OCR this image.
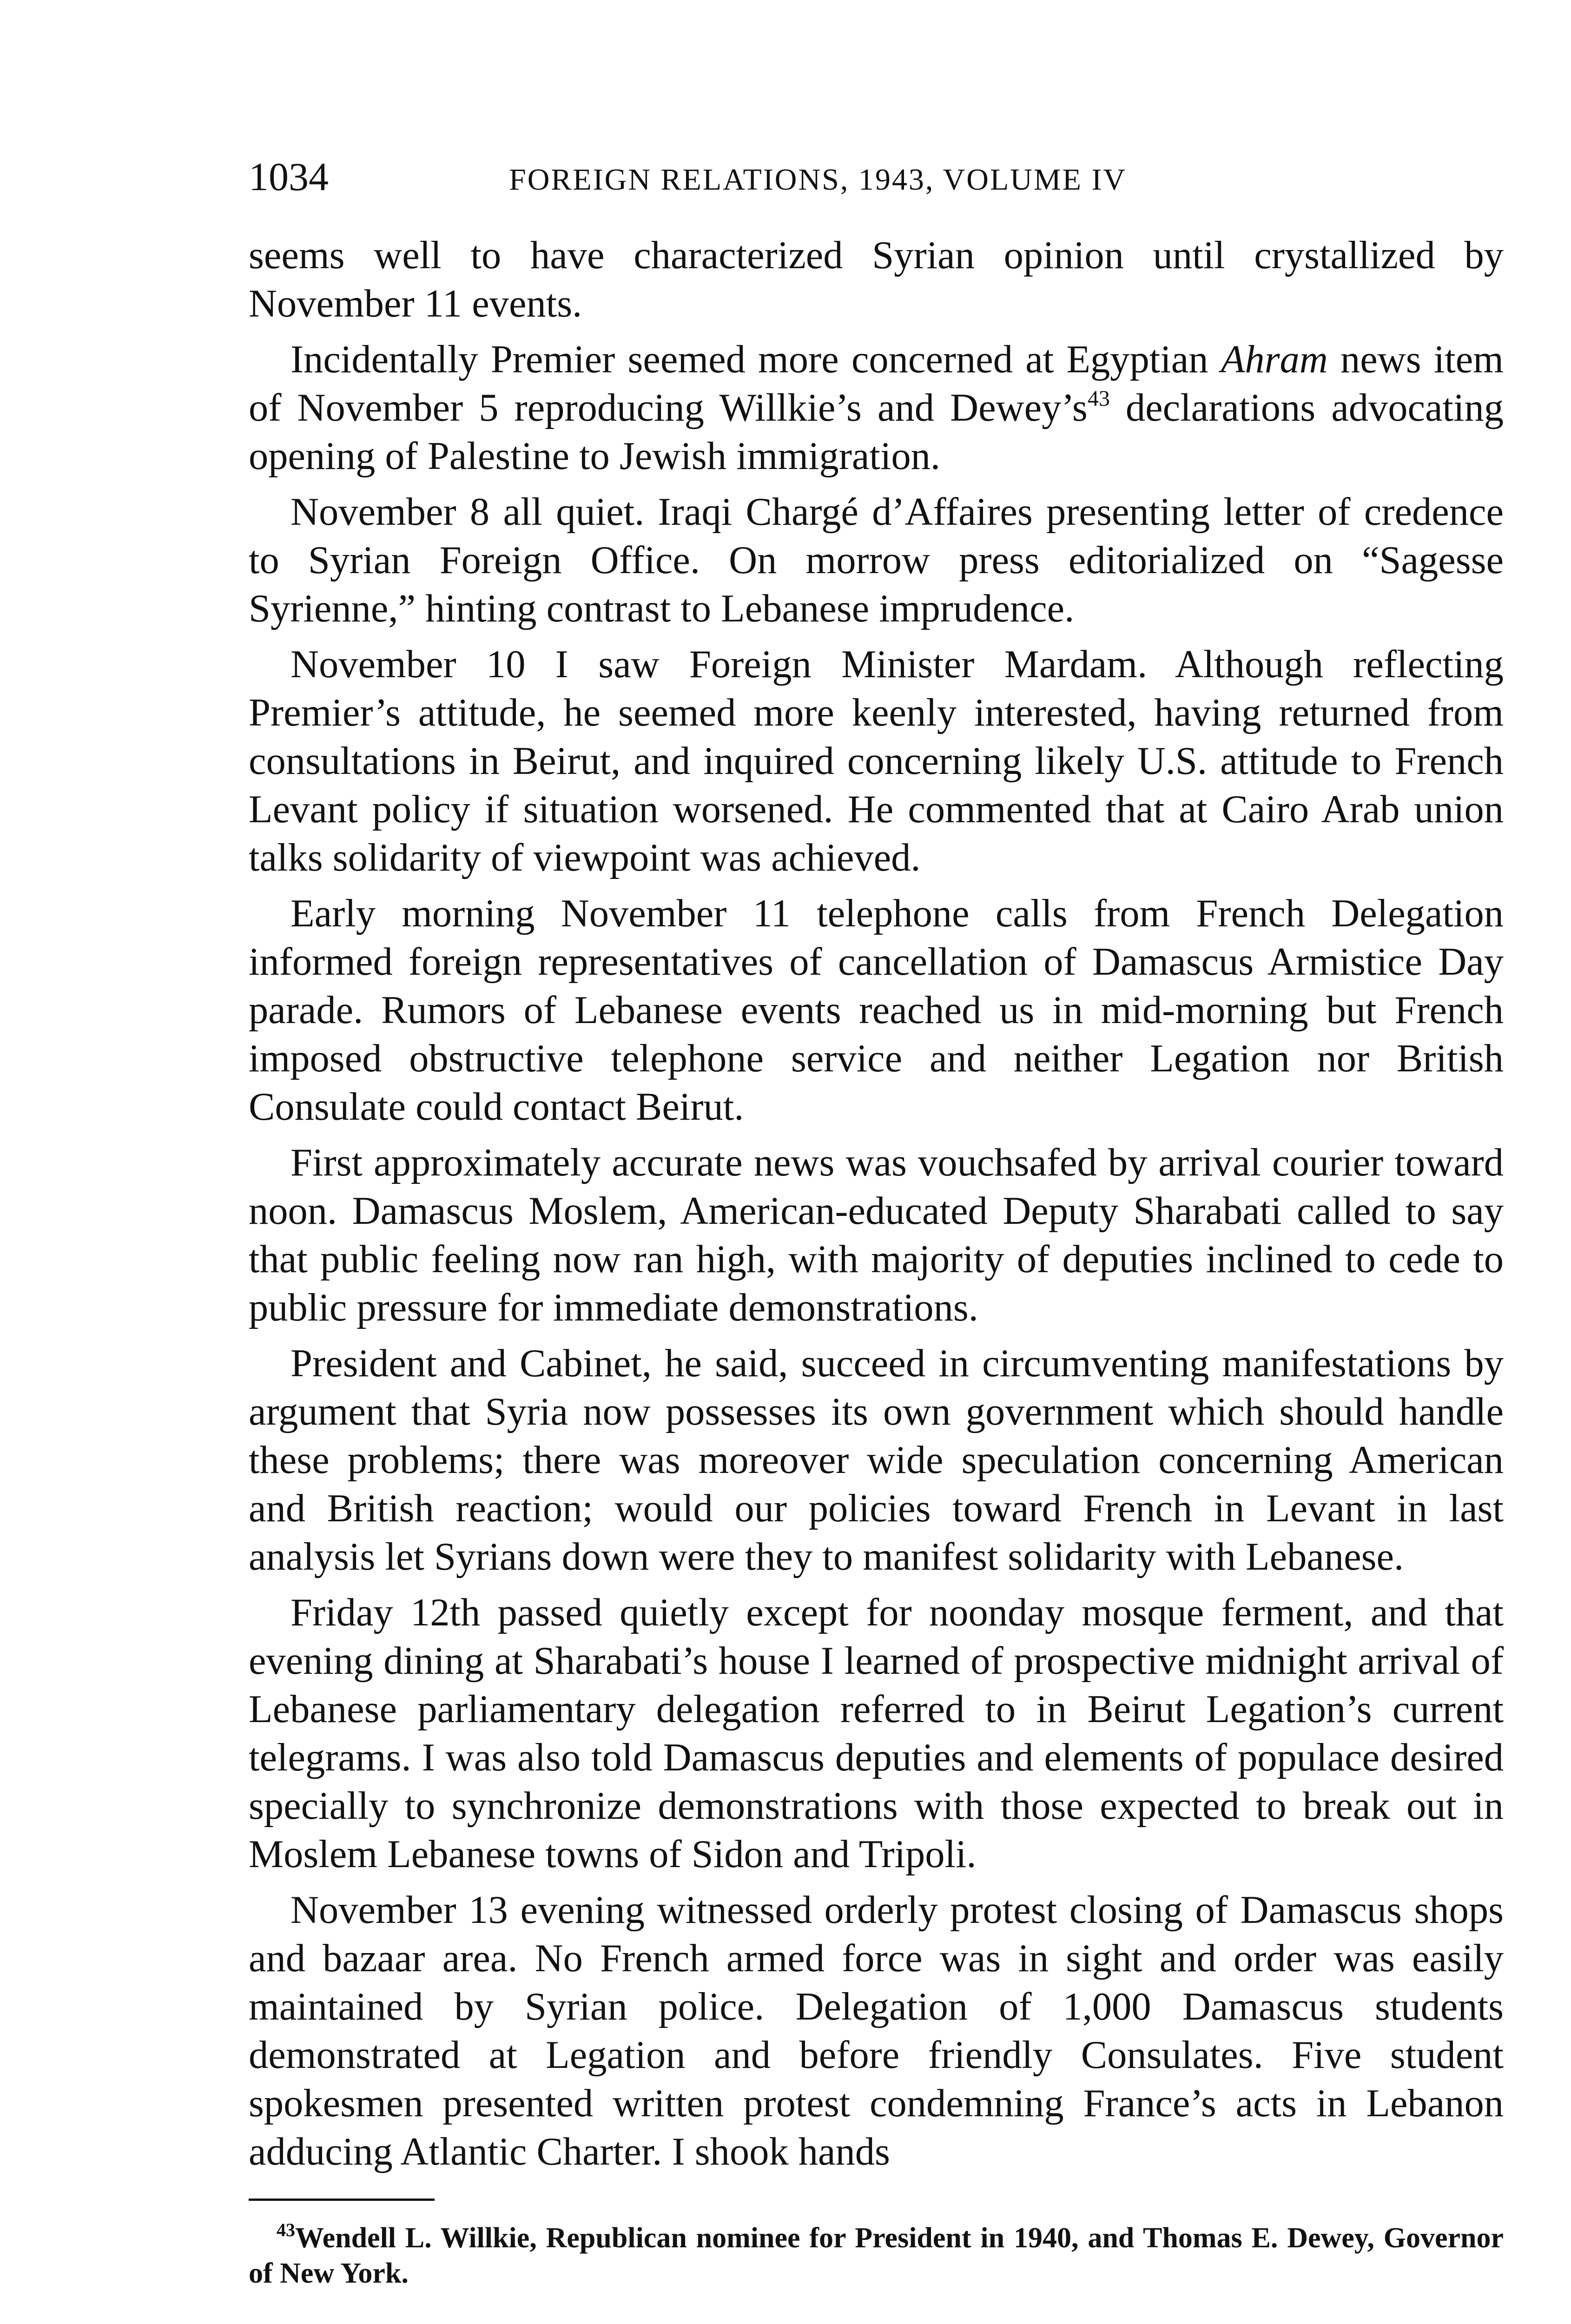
1034	FOREIGN RELATIONS, 1943, VOLUME IV

seems well to have characterized Syrian opinion until crystallized by November 11 events.

Incidentally Premier seemed more concerned at Egyptian Ahram news item of November 5 reproducing Willkie’s and $Dewey’s^{43}$ declarations advocating opening of Palestine to Jewish immigration.

November 8 all quiet. Iraqi Chargé d’Affaires presenting letter of credence to Syrian Foreign Office. On morrow press editorialized on “Sagesse Syrienne,” hinting contrast to Lebanese imprudence.

November 10 I saw Foreign Minister Mardam. Although reflecting Premier’s attitude, he seemed more keenly interested, having returned from consultations in Beirut, and inquired concerning likely U.S. attitude to French Levant policy if situation worsened. He commented that at Cairo Arab union talks solidarity of viewpoint was achieved.

Early morning November 11 telephone calls from French Delegation informed foreign representatives of cancellation of Damascus Armistice Day parade. Rumors of Lebanese events reached us in mid-morning but French imposed obstructive telephone service and neither Legation nor British Consulate could contact Beirut.

First approximately accurate news was vouchsafed by arrival courier toward noon. Damascus Moslem, American-educated Deputy Sharabati called to say that public feeling now ran high, with majority of deputies inclined to cede to public pressure for immediate demonstrations.

President and Cabinet, he said, succeed in circumventing manifestations by argument that Syria now possesses its own government which should handle these problems; there was moreover wide speculation concerning American and British reaction; would our policies toward French in Levant in last analysis let Syrians down were they to manifest solidarity with Lebanese.

Friday 12th passed quietly except for noonday mosque ferment, and that evening dining at Sharabati’s house I learned of prospective midnight arrival of Lebanese parliamentary delegation referred to in Beirut Legation’s current telegrams. I was also told Damascus deputies and elements of populace desired specially to synchronize demonstrations with those expected to break out in Moslem Lebanese towns of Sidon and Tripoli.

November 13 evening witnessed orderly protest closing of Damascus shops and bazaar area. No French armed force was in sight and order was easily maintained by Syrian police. Delegation of 1,000 Damascus students demonstrated at Legation and before friendly Consulates. Five student spokesmen presented written protest condemning France’s acts in Lebanon adducing Atlantic Charter. I shook hands

$^{43}$Wendell L. Willkie, Republican nominee for President in 1940, and Thomas E. Dewey, Governor of New York.
